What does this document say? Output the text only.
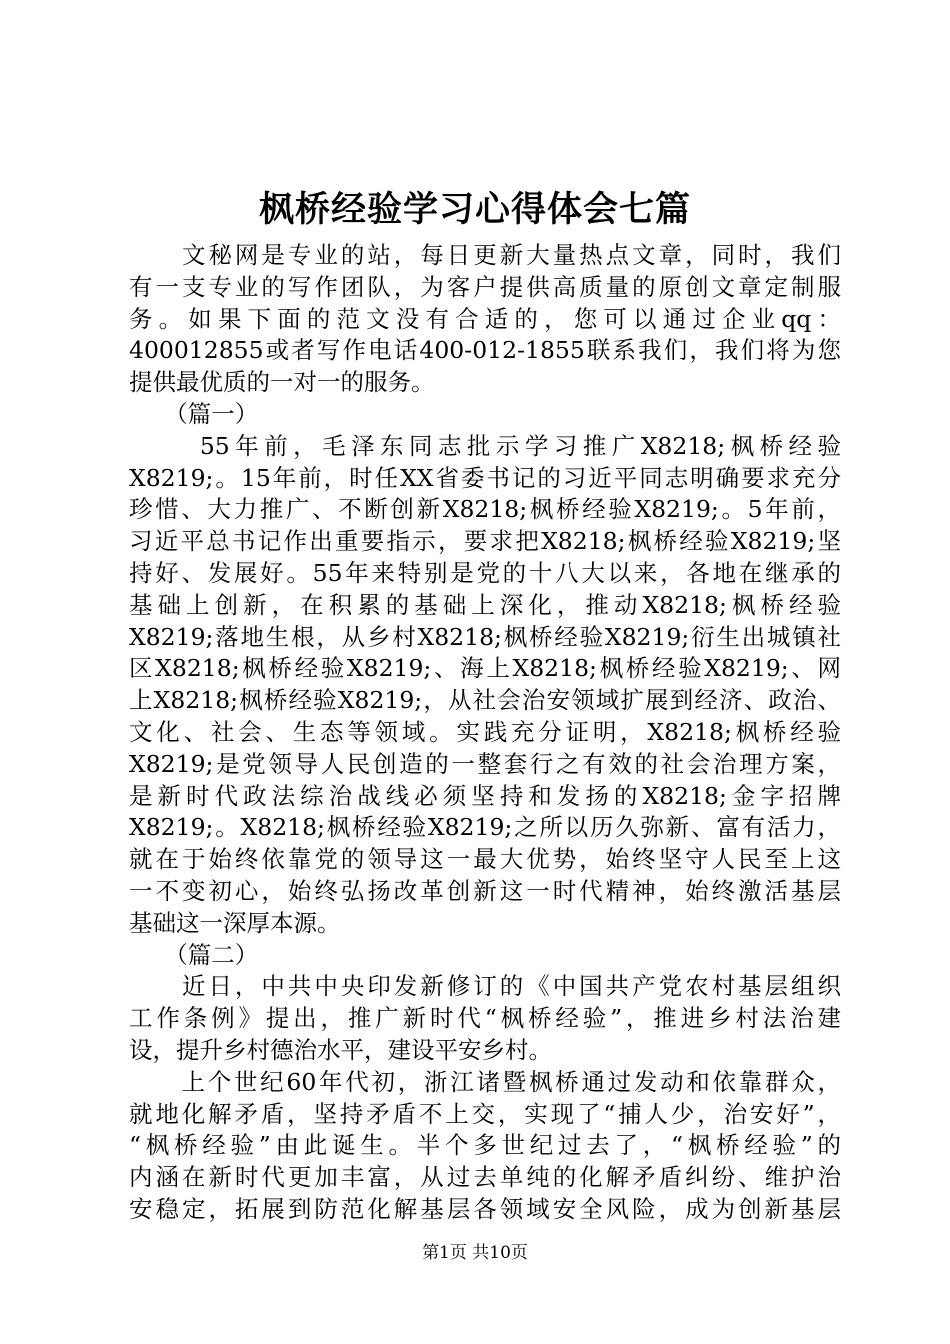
枫桥经验学习心得体会七篇
　　文秘网是专业的站，每日更新大量热点文章，同时，我们
有一支专业的写作团队，为客户提供高质量的原创文章定制服
务。如果下面的范文没有合适的，您可以通过企业qq：
400012855或者写作电话400-012-1855联系我们，我们将为您
提供最优质的一对一的服务。
　　（篇一）
　　 55年前，毛泽东同志批示学习推广X8218;枫桥经验
X8219;。15年前，时任XX省委书记的习近平同志明确要求充分
珍惜、大力推广、不断创新X8218;枫桥经验X8219;。5年前，
习近平总书记作出重要指示，要求把X8218;枫桥经验X8219;坚
持好、发展好。55年来特别是党的十八大以来，各地在继承的
基础上创新，在积累的基础上深化，推动X8218;枫桥经验
X8219;落地生根，从乡村X8218;枫桥经验X8219;衍生出城镇社
区X8218;枫桥经验X8219;、海上X8218;枫桥经验X8219;、网
上X8218;枫桥经验X8219;，从社会治安领域扩展到经济、政治、
文化、社会、生态等领域。实践充分证明，X8218;枫桥经验
X8219;是党领导人民创造的一整套行之有效的社会治理方案，
是新时代政法综治战线必须坚持和发扬的X8218;金字招牌
X8219;。X8218;枫桥经验X8219;之所以历久弥新、富有活力，
就在于始终依靠党的领导这一最大优势，始终坚守人民至上这
一不变初心，始终弘扬改革创新这一时代精神，始终激活基层
基础这一深厚本源。
　　（篇二）
　　近日，中共中央印发新修订的《中国共产党农村基层组织
工作条例》提出，推广新时代“枫桥经验”，推进乡村法治建
设，提升乡村德治水平，建设平安乡村。
　　上个世纪60年代初，浙江诸暨枫桥通过发动和依靠群众，
就地化解矛盾，坚持矛盾不上交，实现了“捕人少，治安好”，
“枫桥经验”由此诞生。半个多世纪过去了，“枫桥经验”的
内涵在新时代更加丰富，从过去单纯的化解矛盾纠纷、维护治
安稳定，拓展到防范化解基层各领域安全风险，成为创新基层
第1页 共10页
